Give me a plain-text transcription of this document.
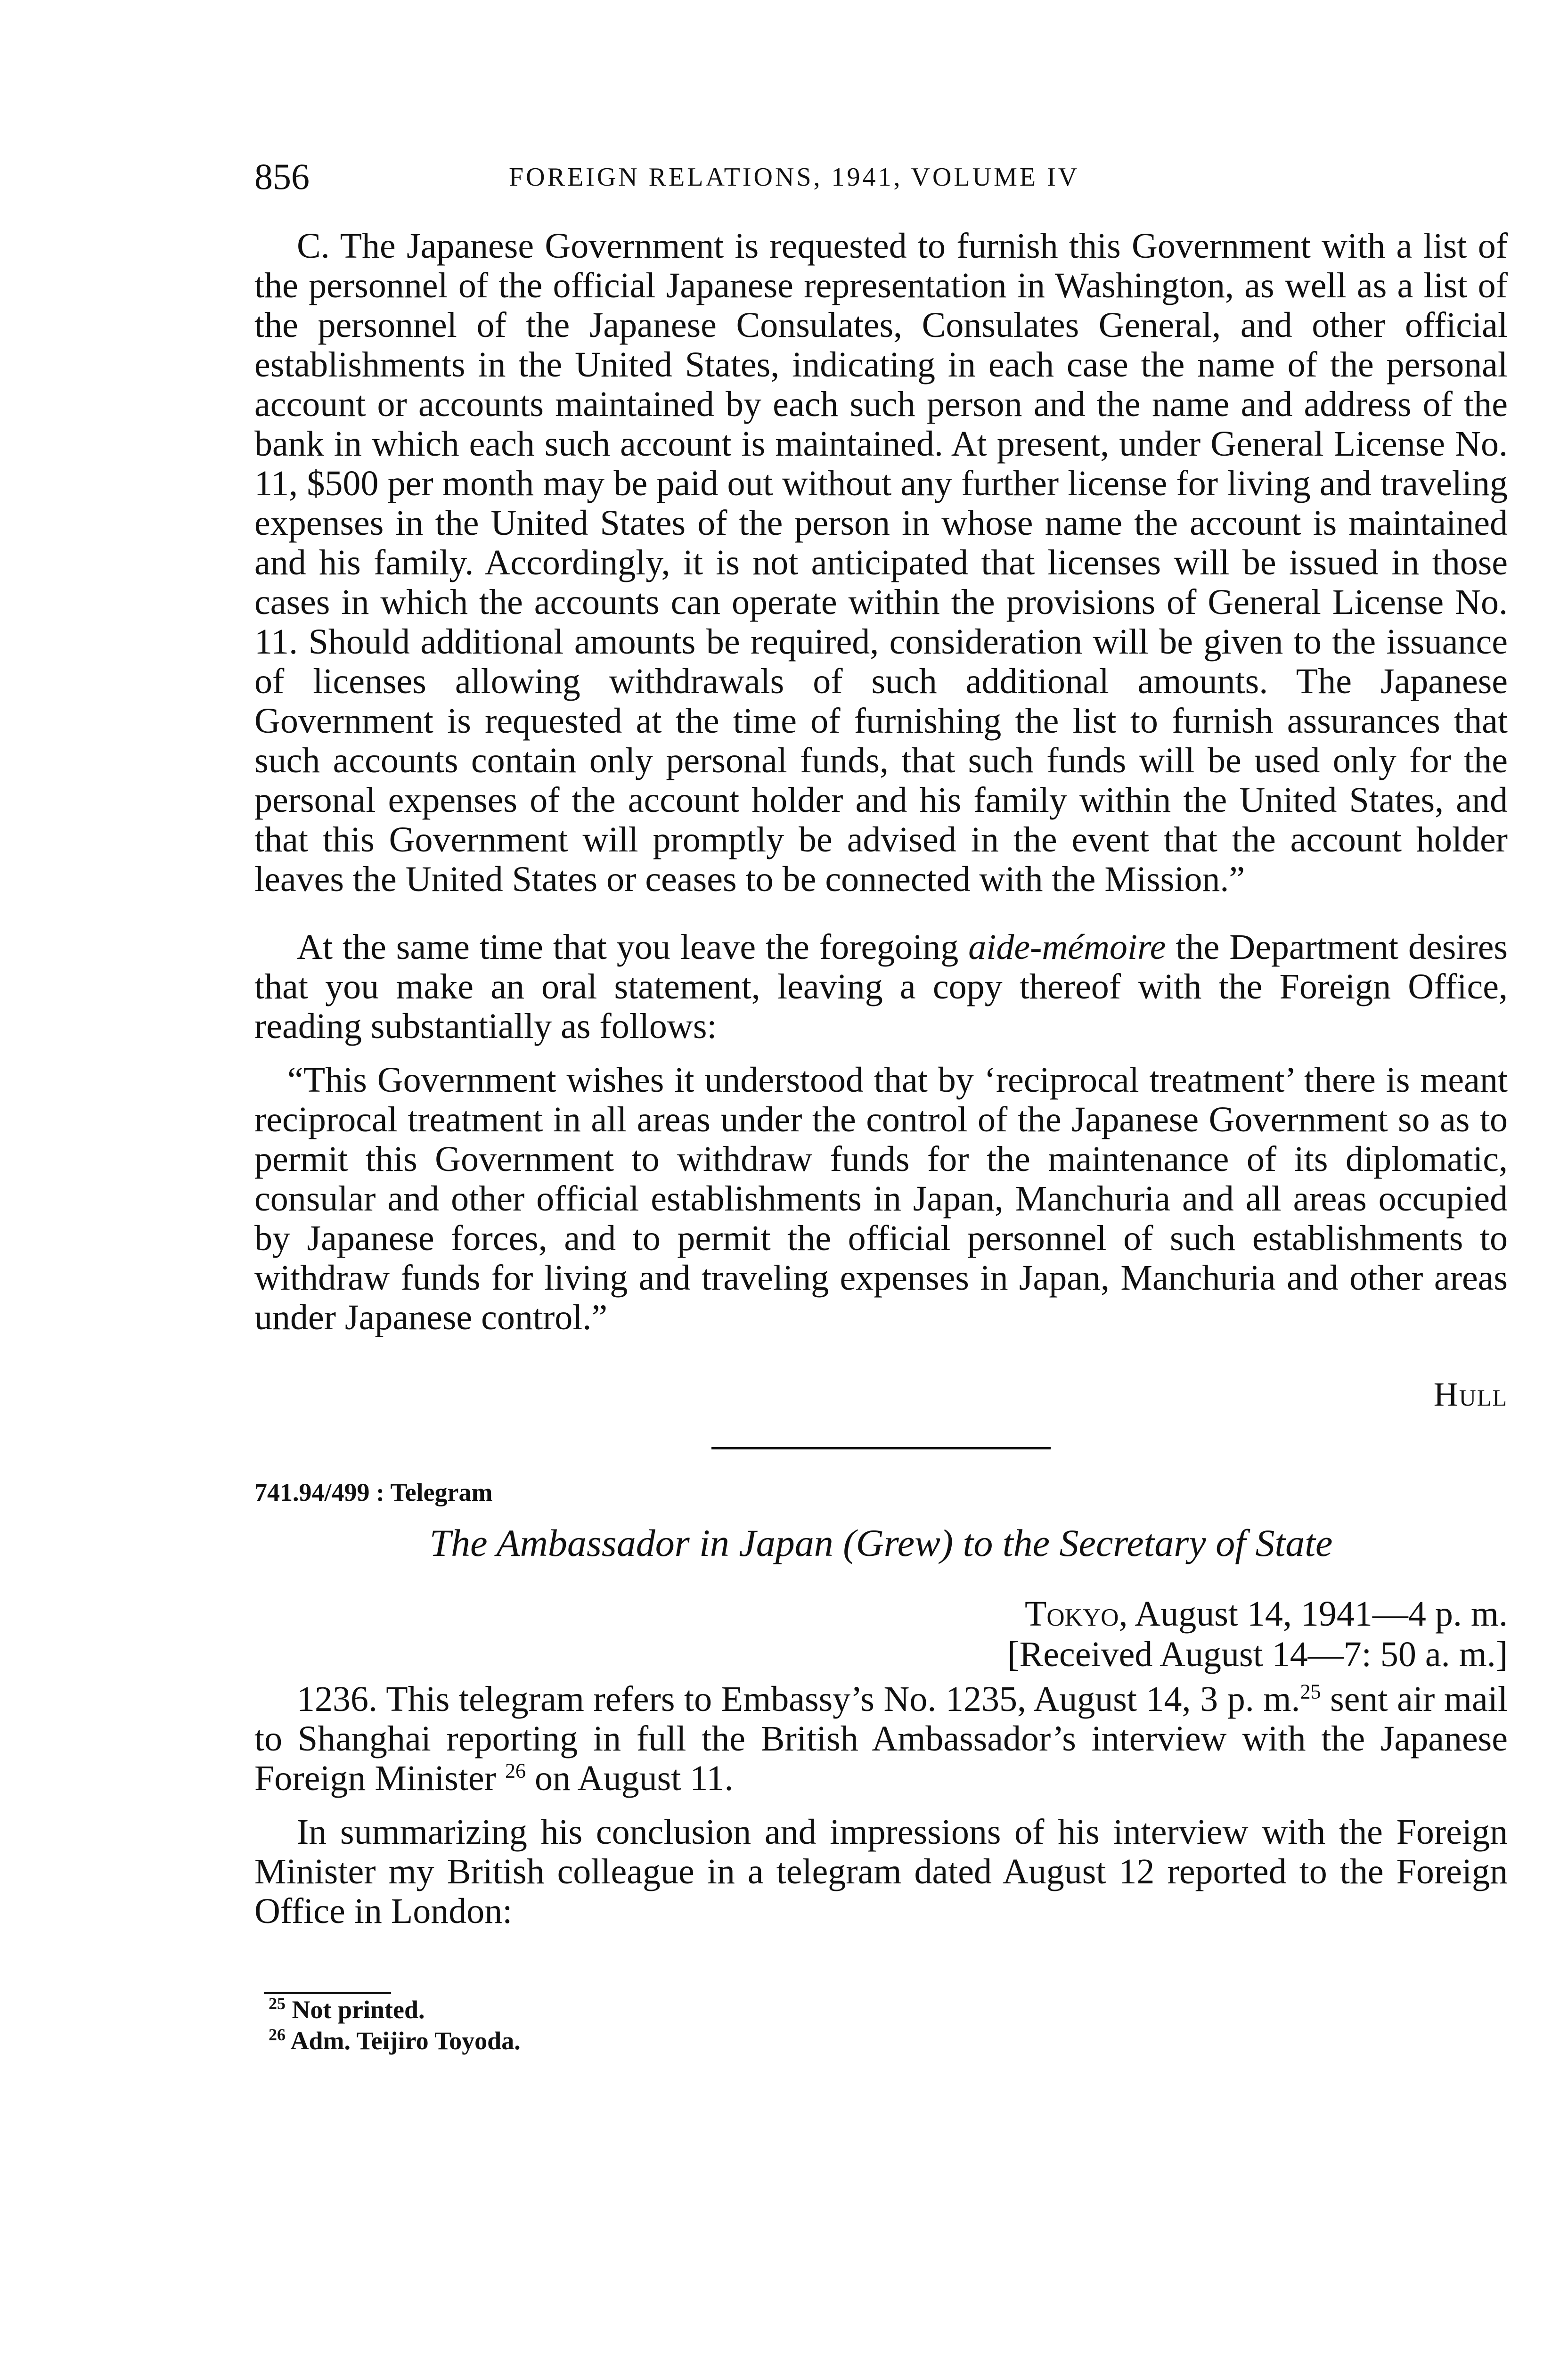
856	FOREIGN RELATIONS, 1941, VOLUME IV

C. The Japanese Government is requested to furnish this Government with a list of the personnel of the official Japanese representation in Washington, as well as a list of the personnel of the Japanese Consulates, Consulates General, and other official establishments in the United States, indicating in each case the name of the personal account or accounts maintained by each such person and the name and address of the bank in which each such account is maintained. At present, under General License No. 11, $500 per month may be paid out without any further license for living and traveling expenses in the United States of the person in whose name the account is maintained and his family. Accordingly, it is not anticipated that licenses will be issued in those cases in which the accounts can operate within the provisions of General License No. 11. Should additional amounts be required, consideration will be given to the issuance of licenses allowing withdrawals of such additional amounts. The Japanese Government is requested at the time of furnishing the list to furnish assurances that such accounts contain only personal funds, that such funds will be used only for the personal expenses of the account holder and his family within the United States, and that this Government will promptly be advised in the event that the account holder leaves the United States or ceases to be connected with the Mission.”

At the same time that you leave the foregoing aide-mémoire the Department desires that you make an oral statement, leaving a copy thereof with the Foreign Office, reading substantially as follows:

“This Government wishes it understood that by ‘reciprocal treatment’ there is meant reciprocal treatment in all areas under the control of the Japanese Government so as to permit this Government to withdraw funds for the maintenance of its diplomatic, consular and other official establishments in Japan, Manchuria and all areas occupied by Japanese forces, and to permit the official personnel of such establishments to withdraw funds for living and traveling expenses in Japan, Manchuria and other areas under Japanese control.”

Hull
741.94/499 : Telegram
The Ambassador in Japan (Grew) to the Secretary of State
Tokyo, August 14, 1941—4 p. m.
[Received August 14—7: 50 a. m.]

1236. This telegram refers to Embassy’s No. 1235, August 14, 3 p. m.$^{25}$ sent air mail to Shanghai reporting in full the British Ambassador’s interview with the Japanese Foreign Minister $^{26}$ on August 11.

In summarizing his conclusion and impressions of his interview with the Foreign Minister my British colleague in a telegram dated August 12 reported to the Foreign Office in London:

$^{25}$ Not printed.
$^{26}$ Adm. Teijiro Toyoda.
